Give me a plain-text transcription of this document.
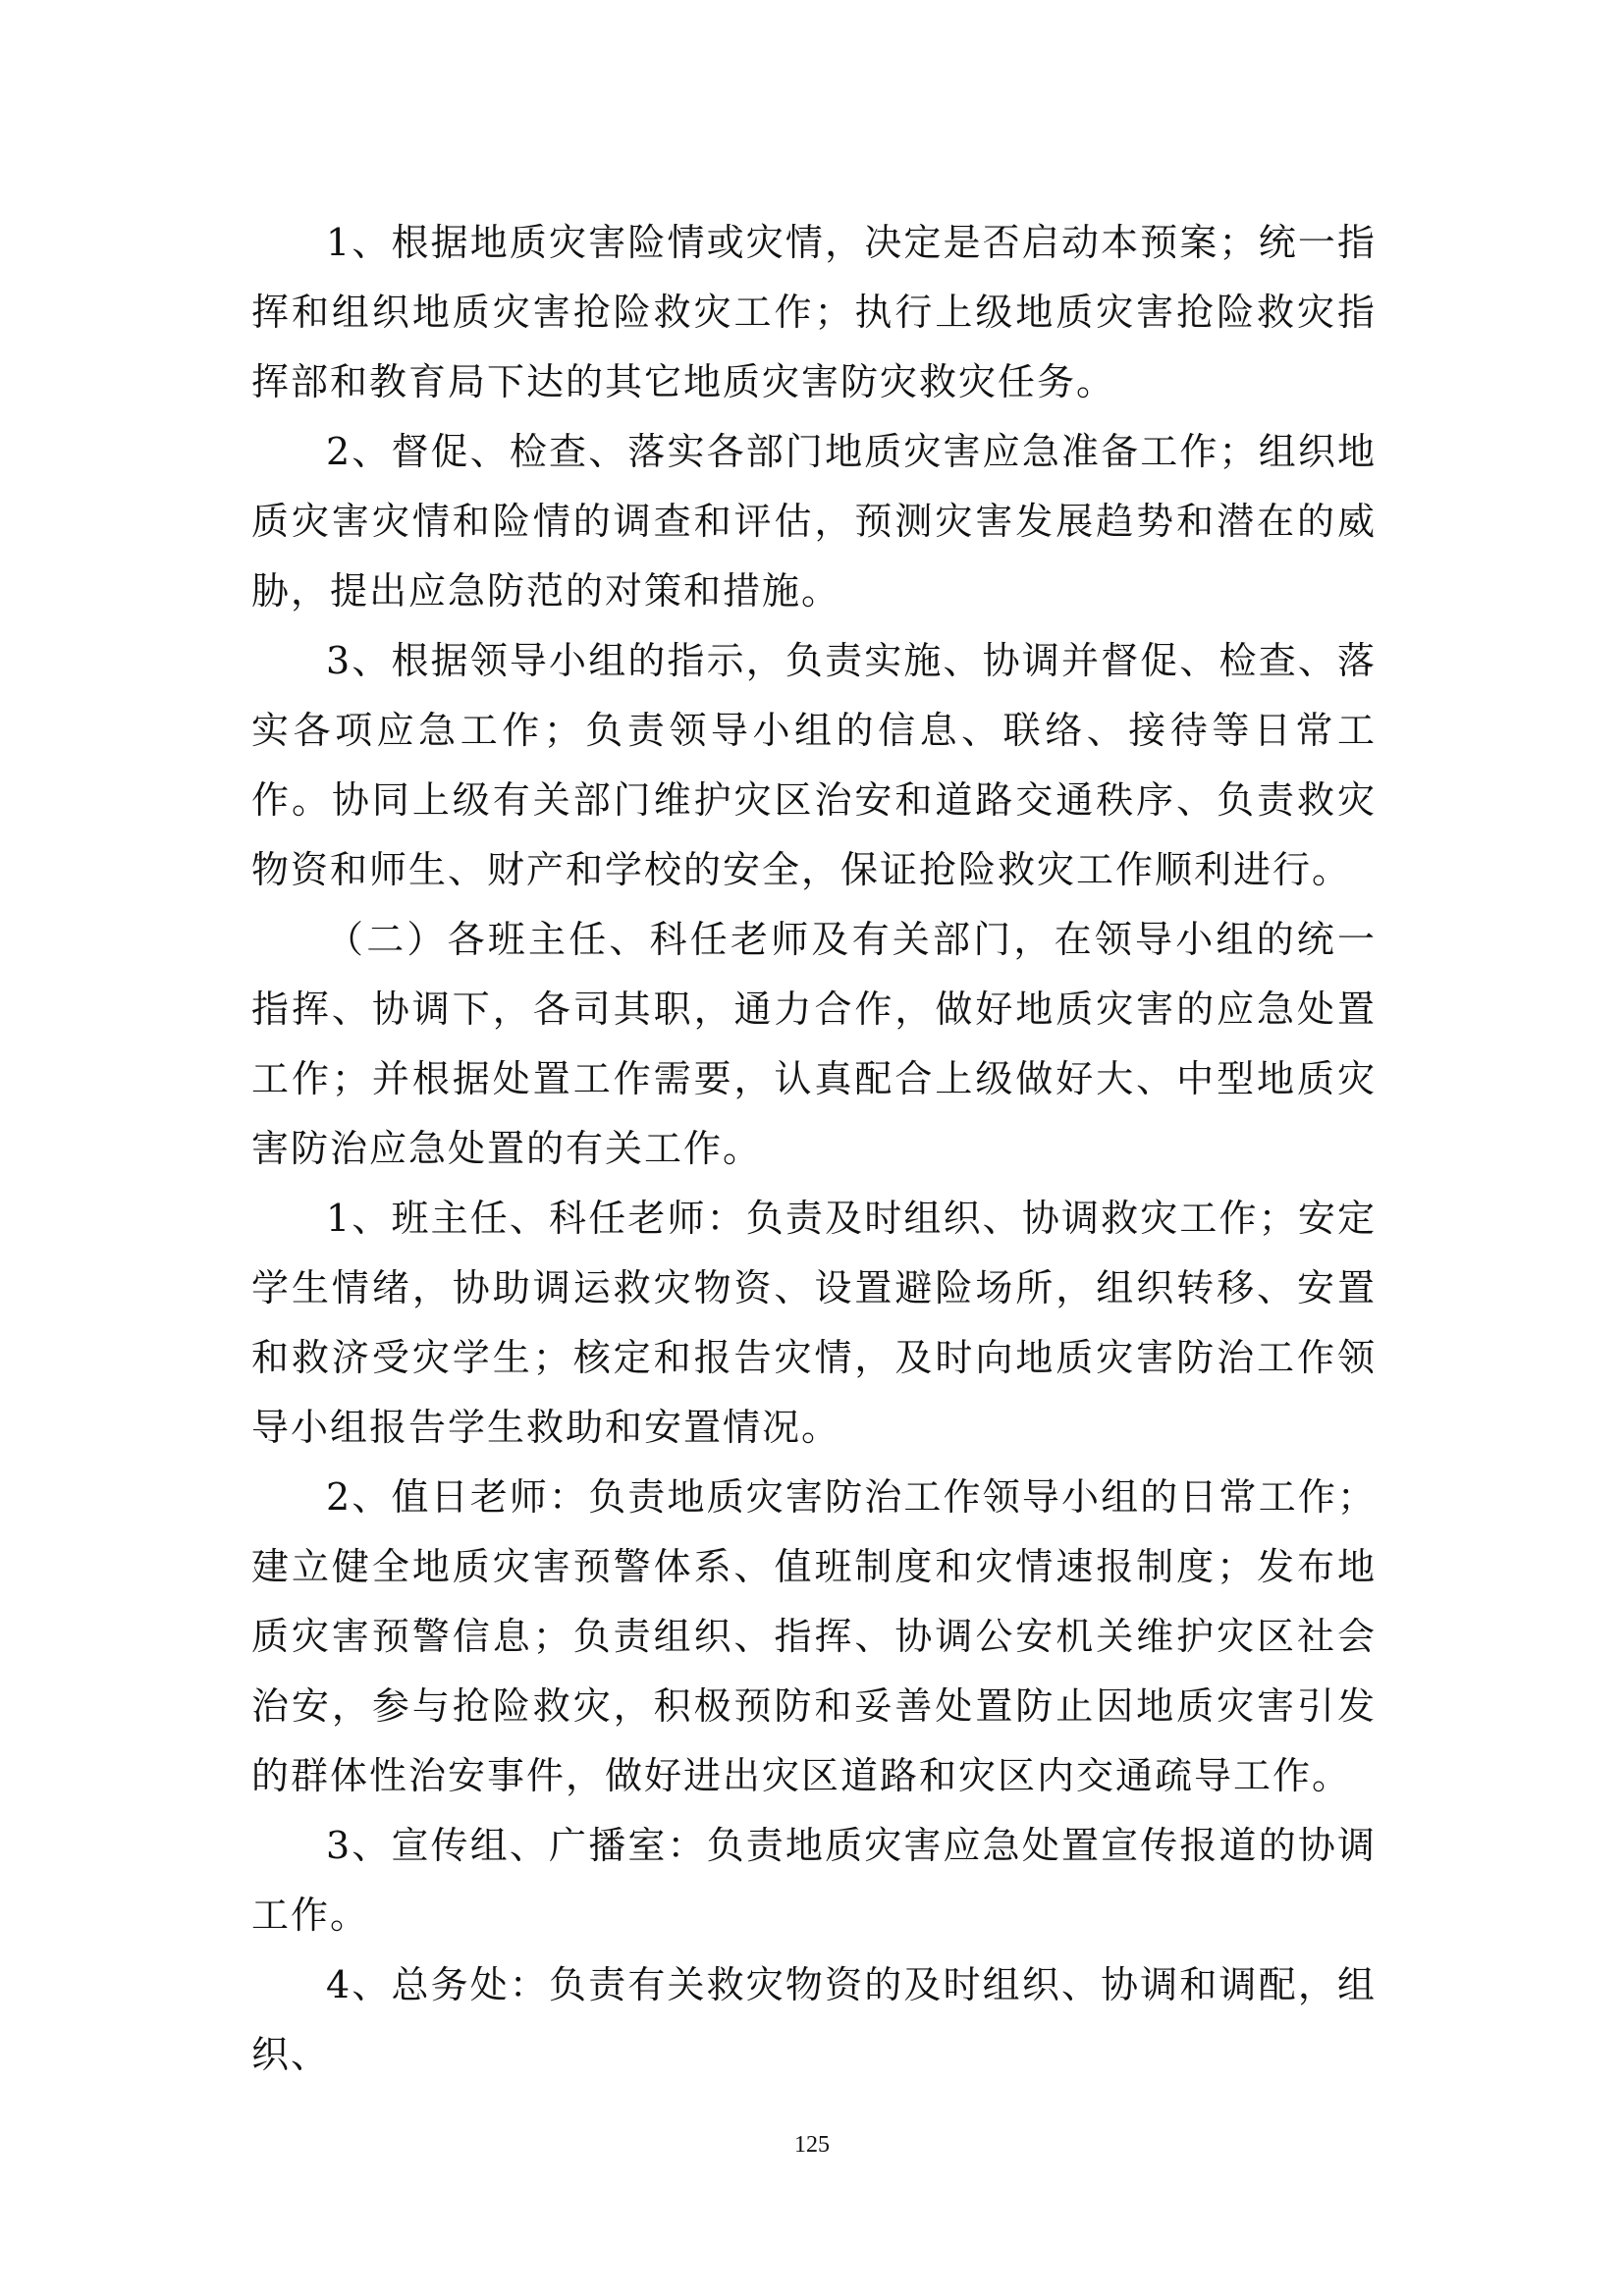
1、根据地质灾害险情或灾情，决定是否启动本预案；统一指挥和组织地质灾害抢险救灾工作；执行上级地质灾害抢险救灾指挥部和教育局下达的其它地质灾害防灾救灾任务。

2、督促、检查、落实各部门地质灾害应急准备工作；组织地质灾害灾情和险情的调查和评估，预测灾害发展趋势和潜在的威胁，提出应急防范的对策和措施。

3、根据领导小组的指示，负责实施、协调并督促、检查、落实各项应急工作；负责领导小组的信息、联络、接待等日常工作。协同上级有关部门维护灾区治安和道路交通秩序、负责救灾物资和师生、财产和学校的安全，保证抢险救灾工作顺利进行。

（二）各班主任、科任老师及有关部门，在领导小组的统一指挥、协调下，各司其职，通力合作，做好地质灾害的应急处置工作；并根据处置工作需要，认真配合上级做好大、中型地质灾害防治应急处置的有关工作。

1、班主任、科任老师：负责及时组织、协调救灾工作；安定学生情绪，协助调运救灾物资、设置避险场所，组织转移、安置和救济受灾学生；核定和报告灾情，及时向地质灾害防治工作领导小组报告学生救助和安置情况。

2、值日老师：负责地质灾害防治工作领导小组的日常工作；建立健全地质灾害预警体系、值班制度和灾情速报制度；发布地质灾害预警信息；负责组织、指挥、协调公安机关维护灾区社会治安，参与抢险救灾，积极预防和妥善处置防止因地质灾害引发的群体性治安事件，做好进出灾区道路和灾区内交通疏导工作。

3、宣传组、广播室：负责地质灾害应急处置宣传报道的协调工作。

4、总务处：负责有关救灾物资的及时组织、协调和调配，组织、

125
